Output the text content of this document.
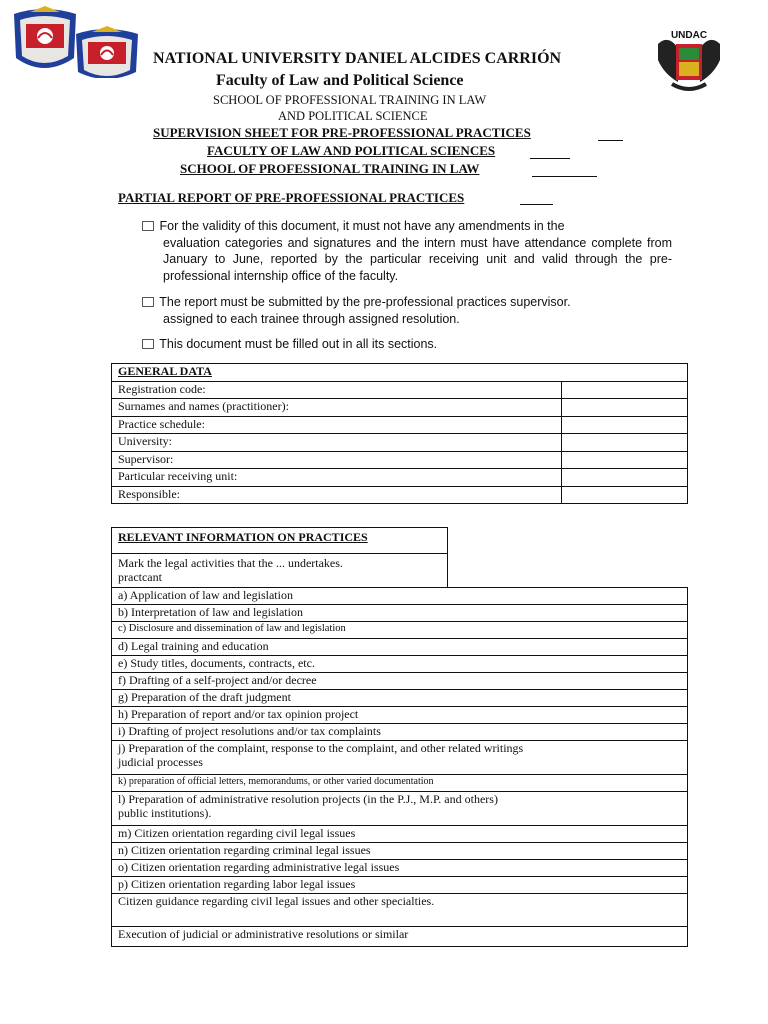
UNDAC
NATIONAL UNIVERSITY DANIEL ALCIDES CARRIÓN
Faculty of Law and Political Science
SCHOOL OF PROFESSIONAL TRAINING IN LAW
AND POLITICAL SCIENCE
SUPERVISION SHEET FOR PRE-PROFESSIONAL PRACTICES
FACULTY OF LAW AND POLITICAL SCIENCES
SCHOOL OF PROFESSIONAL TRAINING IN LAW
PARTIAL REPORT OF PRE-PROFESSIONAL PRACTICES
For the validity of this document, it must not have any amendments in the
evaluation categories and signatures and the intern must have attendance complete from January to June, reported by the particular receiving unit and valid through the pre-professional internship office of the faculty.
The report must be submitted by the pre-professional practices supervisor.
assigned to each trainee through assigned resolution.
This document must be filled out in all its sections.
GENERAL DATA	
Registration code:	
Surnames and names (practitioner):	
Practice schedule:	
University:	
Supervisor:	
Particular receiving unit:	
Responsible:	
RELEVANT INFORMATION ON PRACTICES
Mark the legal activities that the ... undertakes.
practcant
a) Application of law and legislation
b) Interpretation of law and legislation
c) Disclosure and dissemination of law and legislation
d) Legal training and education
e) Study titles, documents, contracts, etc.
f) Drafting of a self-project and/or decree
g) Preparation of the draft judgment
h) Preparation of report and/or tax opinion project
i) Drafting of project resolutions and/or tax complaints
j) Preparation of the complaint, response to the complaint, and other related writings
judicial processes
k) preparation of official letters, memorandums, or other varied documentation
l) Preparation of administrative resolution projects (in the P.J., M.P. and others)
public institutions).
m) Citizen orientation regarding civil legal issues
n) Citizen orientation regarding criminal legal issues
o) Citizen orientation regarding administrative legal issues
p) Citizen orientation regarding labor legal issues
Citizen guidance regarding civil legal issues and other specialties.
Execution of judicial or administrative resolutions or similar
